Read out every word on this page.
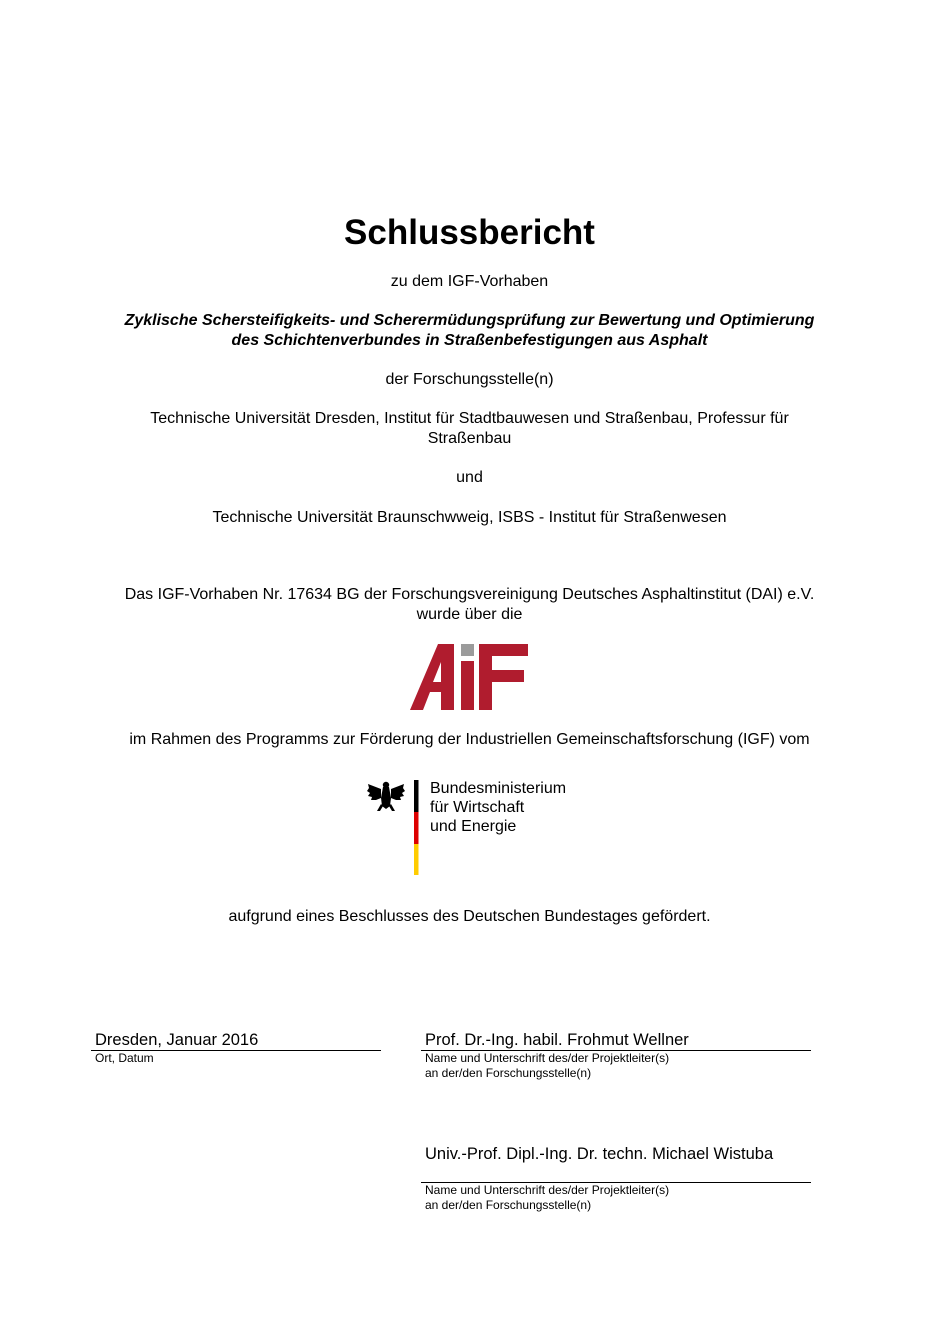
Schlussbericht
zu dem IGF-Vorhaben
Zyklische Schersteifigkeits- und Scherermüdungsprüfung zur Bewertung und Optimierung
des Schichtenverbundes in Straßenbefestigungen aus Asphalt
der Forschungsstelle(n)
Technische Universität Dresden, Institut für Stadtbauwesen und Straßenbau, Professur für
Straßenbau
und
Technische Universität Braunschwweig, ISBS - Institut für Straßenwesen
Das IGF-Vorhaben Nr. 17634 BG der Forschungsvereinigung Deutsches Asphaltinstitut (DAI) e.V.
wurde über die
im Rahmen des Programms zur Förderung der Industriellen Gemeinschaftsforschung (IGF) vom
Bundesministerium
für Wirtschaft
und Energie
aufgrund eines Beschlusses des Deutschen Bundestages gefördert.
Dresden, Januar 2016
Ort, Datum
Prof. Dr.-Ing. habil. Frohmut Wellner
Name und Unterschrift des/der Projektleiter(s)
an der/den Forschungsstelle(n)
Univ.-Prof. Dipl.-Ing. Dr. techn. Michael Wistuba
Name und Unterschrift des/der Projektleiter(s)
an der/den Forschungsstelle(n)
